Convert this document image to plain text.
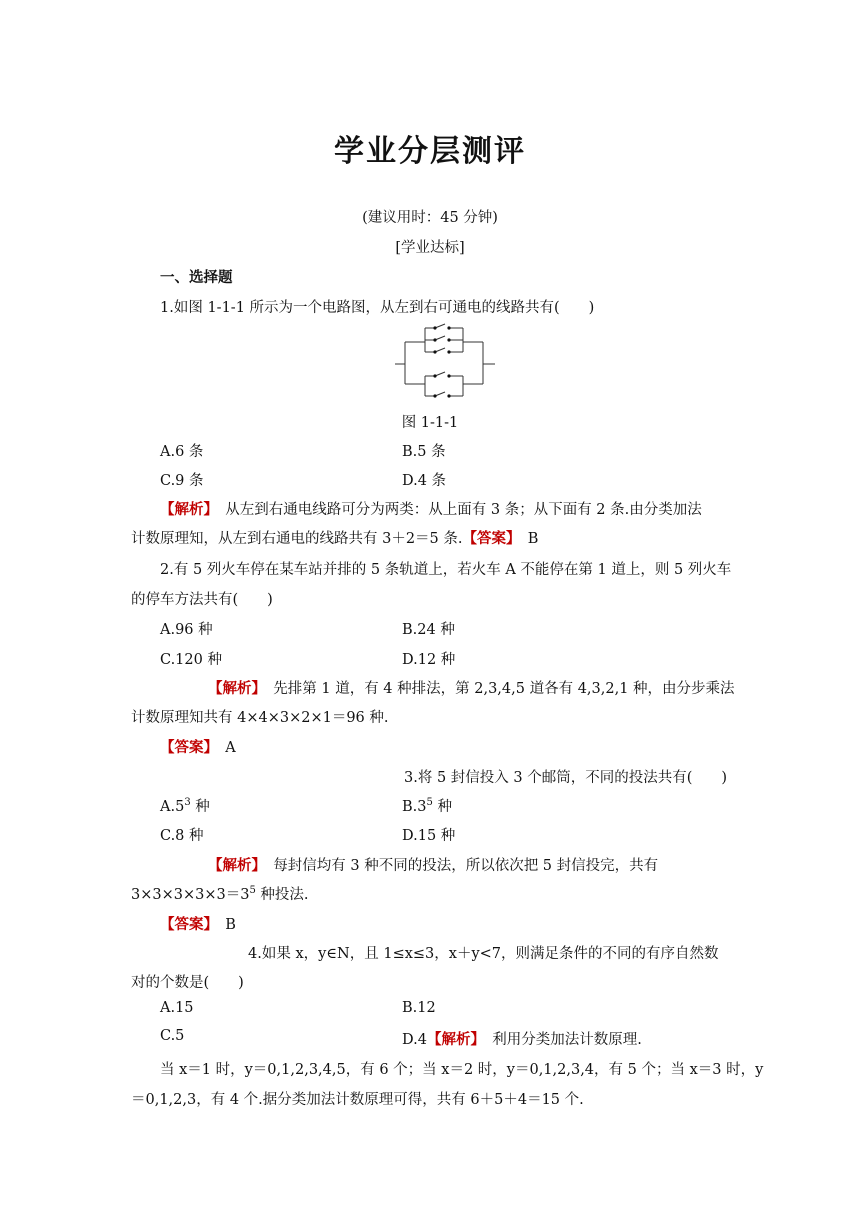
学业分层测评
(建议用时：45 分钟)
[学业达标]
一、选择题
1.如图 1-1-1 所示为一个电路图，从左到右可通电的线路共有(　　)
图 1-1-1
A.6 条	B.5 条
C.9 条	D.4 条
【解析】　从左到右通电线路可分为两类：从上面有 3 条；从下面有 2 条.由分类加法
计数原理知，从左到右通电的线路共有 3＋2＝5 条.【答案】　B
2.有 5 列火车停在某车站并排的 5 条轨道上，若火车 A 不能停在第 1 道上，则 5 列火车
的停车方法共有(　　)
A.96 种	B.24 种
C.120 种	D.12 种
【解析】　先排第 1 道，有 4 种排法，第 2,3,4,5 道各有 4,3,2,1 种，由分步乘法
计数原理知共有 4×4×3×2×1＝96 种.
【答案】　A
3.将 5 封信投入 3 个邮筒，不同的投法共有(　　)
$A.5^3$ 种	$B.3^5$ 种
C.8 种	D.15 种
【解析】　每封信均有 3 种不同的投法，所以依次把 5 封信投完，共有
$3\times 3\times 3\times 3\times 3=3^5$ 种投法.
【答案】　B
4.如果 x，y∈N，且 1≤x≤3，x＋y<7，则满足条件的不同的有序自然数
对的个数是(　　)
A.15	B.12
C.5	D.4【解析】　利用分类加法计数原理.
当 x＝1 时，y＝0,1,2,3,4,5，有 6 个；当 x＝2 时，y＝0,1,2,3,4，有 5 个；当 x＝3 时，y
＝0,1,2,3，有 4 个.据分类加法计数原理可得，共有 6＋5＋4＝15 个.
